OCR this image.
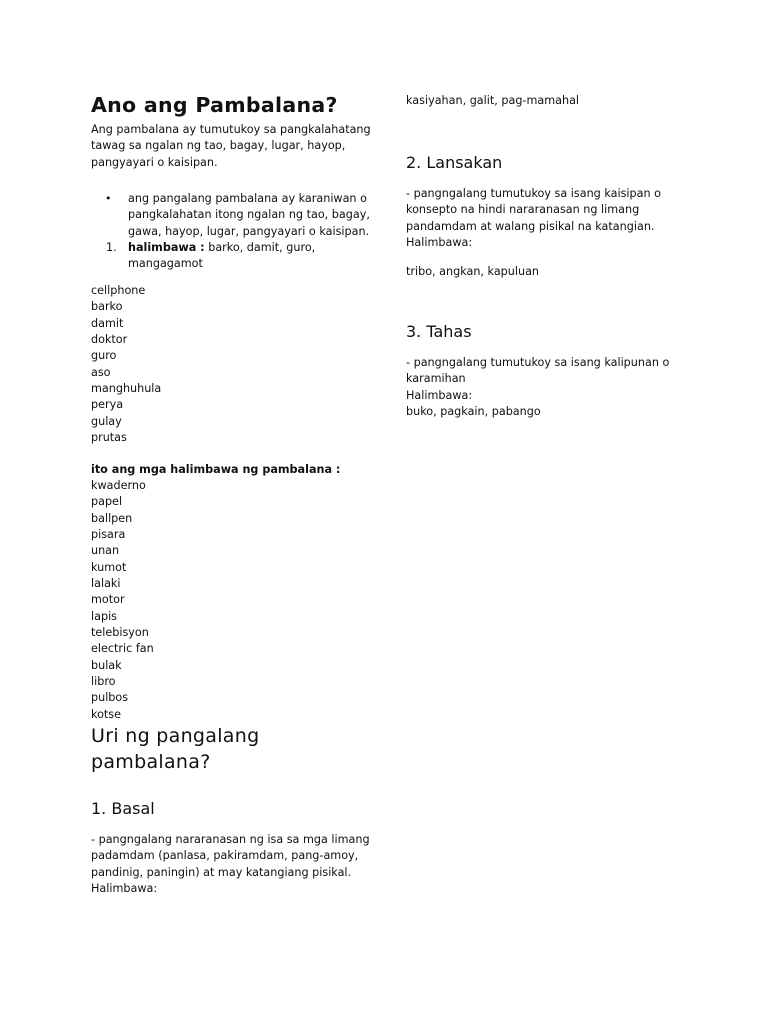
Ano ang Pambalana?
Ang pambalana ay tumutukoy sa pangkalahatang tawag sa ngalan ng tao, bagay, lugar, hayop, pangyayari o kaisipan.
• ang pangalang pambalana ay karaniwan o pangkalahatan itong ngalan ng tao, bagay, gawa, hayop, lugar, pangyayari o kaisipan.
1. halimbawa : barko, damit, guro, mangagamot
cellphone
barko
damit
doktor
guro
aso
manghuhula
perya
gulay
prutas
ito ang mga halimbawa ng pambalana :
kwaderno
papel
ballpen
pisara
unan
kumot
lalaki
motor
lapis
telebisyon
electric fan
bulak
libro
pulbos
kotse
Uri ng pangalang pambalana?
1. Basal
- pangngalang nararanasan ng isa sa mga limang padamdam (panlasa, pakiramdam, pang-amoy, pandinig, paningin) at may katangiang pisikal.
Halimbawa:
kasiyahan, galit, pag-mamahal
2. Lansakan
- pangngalang tumutukoy sa isang kaisipan o konsepto na hindi nararanasan ng limang pandamdam at walang pisikal na katangian.
Halimbawa:
tribo, angkan, kapuluan
3. Tahas
- pangngalang tumutukoy sa isang kalipunan o karamihan
Halimbawa:
buko, pagkain, pabango
